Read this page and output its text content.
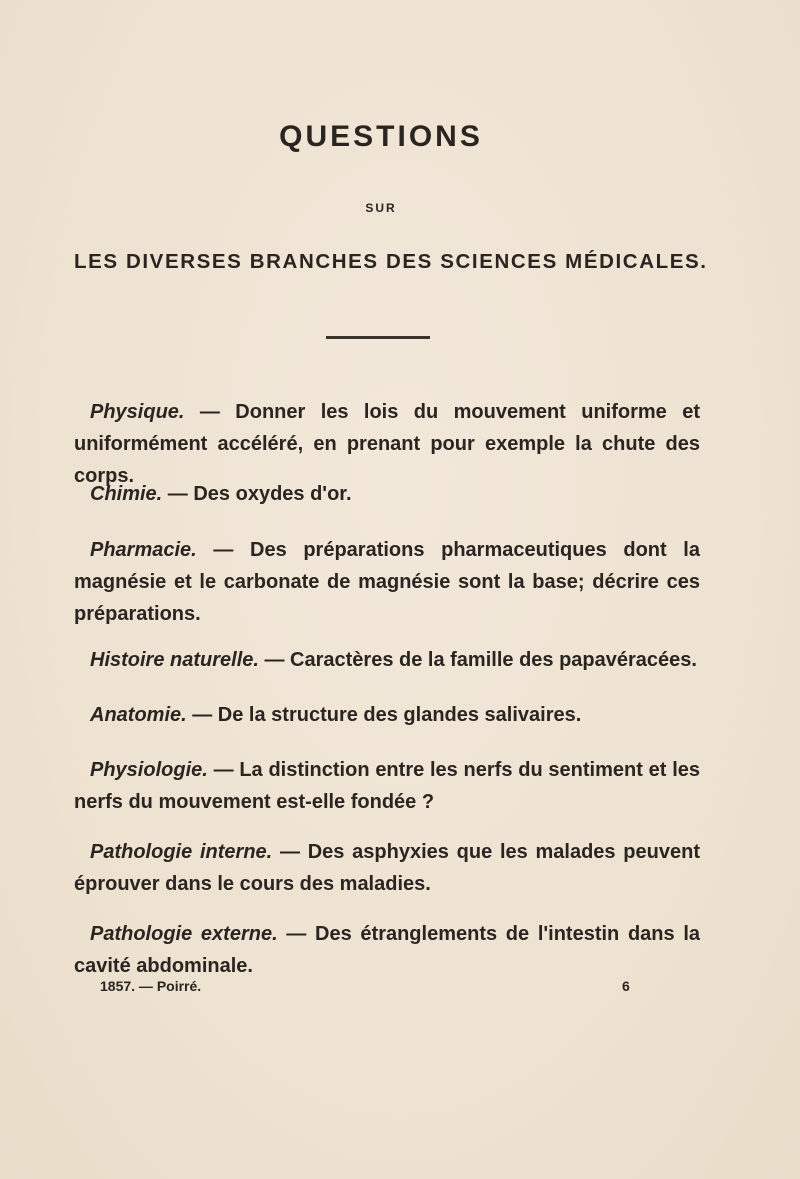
QUESTIONS
SUR
LES DIVERSES BRANCHES DES SCIENCES MÉDICALES.
Physique. — Donner les lois du mouvement uniforme et uniformément accéléré, en prenant pour exemple la chute des corps.
Chimie. — Des oxydes d'or.
Pharmacie. — Des préparations pharmaceutiques dont la magnésie et le carbonate de magnésie sont la base; décrire ces préparations.
Histoire naturelle. — Caractères de la famille des papavéracées.
Anatomie. — De la structure des glandes salivaires.
Physiologie. — La distinction entre les nerfs du sentiment et les nerfs du mouvement est-elle fondée ?
Pathologie interne. — Des asphyxies que les malades peuvent éprouver dans le cours des maladies.
Pathologie externe. — Des étranglements de l'intestin dans la cavité abdominale.
1857. — Poirré.	6
